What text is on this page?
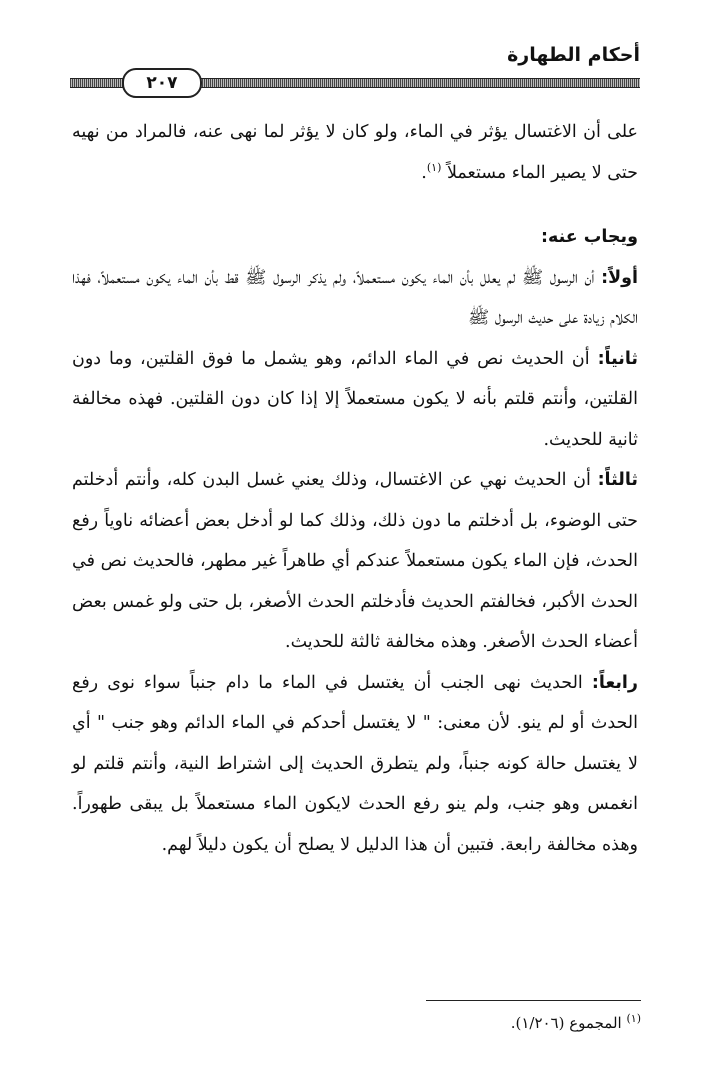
أحكام الطهارة
٢٠٧

على أن الاغتسال يؤثر في الماء، ولو كان لا يؤثر لما نهى عنه، فالمراد من نهيه حتى لا يصير الماء مستعملاً $^{(١)}$.

ويجاب عنه:

أولاً: أن الرسول ﷺ لم يعلل بأن الماء يكون مستعملاً، ولم يذكر الرسول ﷺ قط بأن الماء يكون مستعملاً، فهذا الكلام زيادة على حديث الرسول ﷺ

ثانياً: أن الحديث نص في الماء الدائم، وهو يشمل ما فوق القلتين، وما دون القلتين، وأنتم قلتم بأنه لا يكون مستعملاً إلا إذا كان دون القلتين. فهذه مخالفة ثانية للحديث.

ثالثاً: أن الحديث نهي عن الاغتسال، وذلك يعني غسل البدن كله، وأنتم أدخلتم حتى الوضوء، بل أدخلتم ما دون ذلك، وذلك كما لو أدخل بعض أعضائه ناوياً رفع الحدث، فإن الماء يكون مستعملاً عندكم أي طاهراً غير مطهر، فالحديث نص في الحدث الأكبر، فخالفتم الحديث فأدخلتم الحدث الأصغر، بل حتى ولو غمس بعض أعضاء الحدث الأصغر. وهذه مخالفة ثالثة للحديث.

رابعاً: الحديث نهى الجنب أن يغتسل في الماء ما دام جنباً سواء نوى رفع الحدث أو لم ينو. لأن معنى: " لا يغتسل أحدكم في الماء الدائم وهو جنب " أي لا يغتسل حالة كونه جنباً، ولم يتطرق الحديث إلى اشتراط النية، وأنتم قلتم لو انغمس وهو جنب، ولم ينو رفع الحدث لايكون الماء مستعملاً بل يبقى طهوراً. وهذه مخالفة رابعة. فتبين أن هذا الدليل لا يصلح أن يكون دليلاً لهم.

$^{(١)}$ المجموع (١/٢٠٦).
